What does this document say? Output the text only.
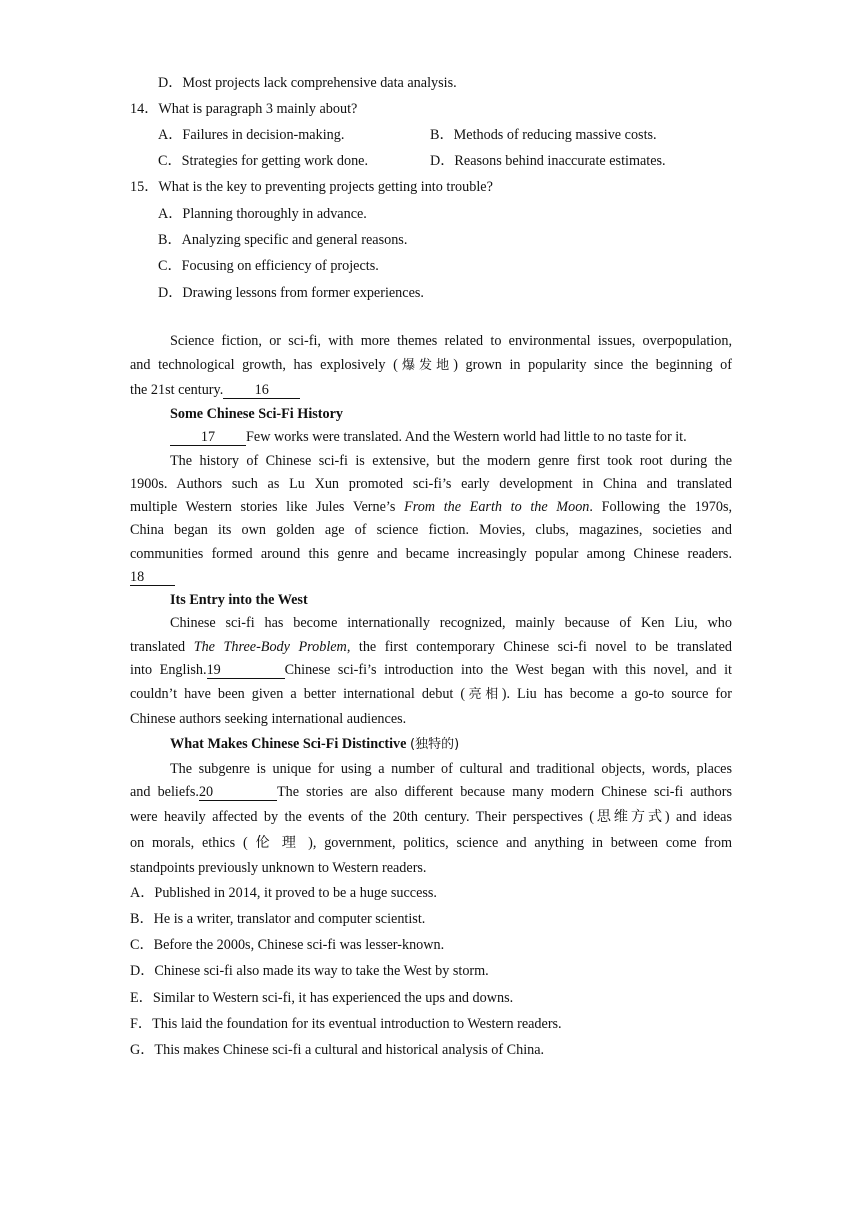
D．Most projects lack comprehensive data analysis.
14．What is paragraph 3 mainly about?
A．Failures in decision-making.	B．Methods of reducing massive costs.
C．Strategies for getting work done.	D．Reasons behind inaccurate estimates.
15．What is the key to preventing projects getting into trouble?
A．Planning thoroughly in advance.
B．Analyzing specific and general reasons.
C．Focusing on efficiency of projects.
D．Drawing lessons from former experiences.
Science fiction, or sci-fi, with more themes related to environmental issues, overpopulation,
and technological growth, has explosively (爆发地) grown in popularity since the beginning of
the 21st century. 16
Some Chinese Sci-Fi History
17 Few works were translated. And the Western world had little to no taste for it.
The history of Chinese sci-fi is extensive, but the modern genre first took root during the
1900s. Authors such as Lu Xun promoted sci-fi’s early development in China and translated
multiple Western stories like Jules Verne’s From the Earth to the Moon. Following the 1970s,
China began its own golden age of science fiction. Movies, clubs, magazines, societies and
communities formed around this genre and became increasingly popular among Chinese readers.
18
Its Entry into the West
Chinese sci-fi has become internationally recognized, mainly because of Ken Liu, who
translated The Three-Body Problem, the first contemporary Chinese sci-fi novel to be translated
into English.19	Chinese sci-fi’s introduction into the West began with this novel, and it
couldn’t have been given a better international debut (亮相). Liu has become a go-to source for
Chinese authors seeking international audiences.
What Makes Chinese Sci-Fi Distinctive (独特的)
The subgenre is unique for using a number of cultural and traditional objects, words, places
and beliefs.20	The stories are also different because many modern Chinese sci-fi authors
were heavily affected by the events of the 20th century. Their perspectives (思维方式) and ideas
on morals, ethics ( 伦 理 ), government, politics, science and anything in between come from
standpoints previously unknown to Western readers.
A．Published in 2014, it proved to be a huge success.
B．He is a writer, translator and computer scientist.
C．Before the 2000s, Chinese sci-fi was lesser-known.
D．Chinese sci-fi also made its way to take the West by storm.
E．Similar to Western sci-fi, it has experienced the ups and downs.
F．This laid the foundation for its eventual introduction to Western readers.
G．This makes Chinese sci-fi a cultural and historical analysis of China.
